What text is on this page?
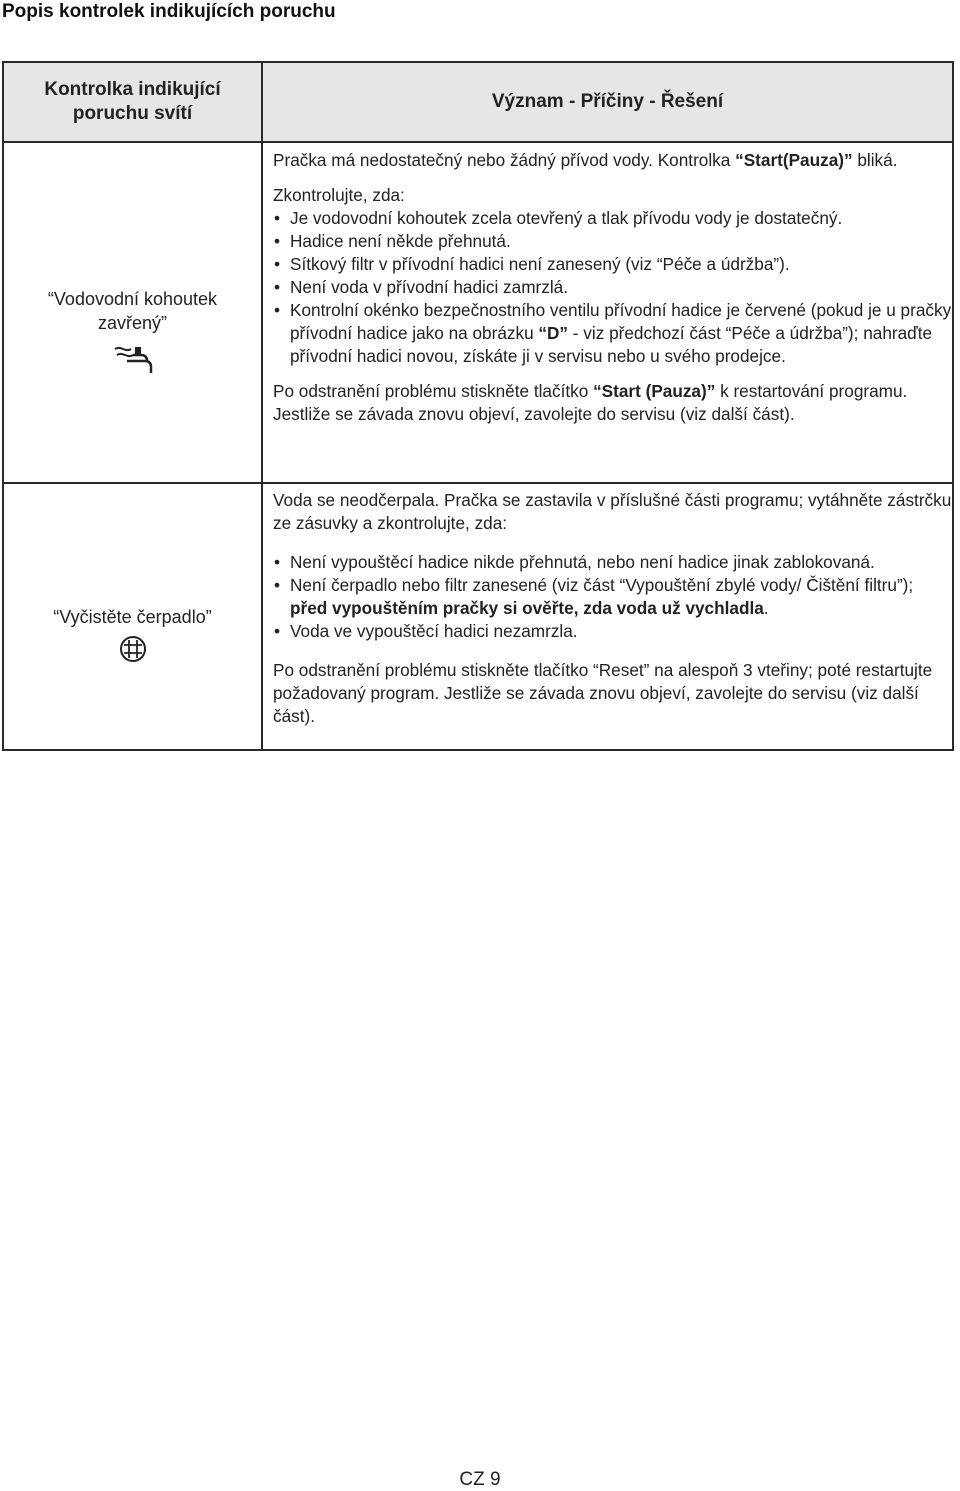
Popis kontrolek indikujících poruchu
Kontrolka indikující poruchu svítí
Význam - Příčiny - Řešení
“Vodovodní kohoutek zavřený”

Pračka má nedostatečný nebo žádný přívod vody. Kontrolka “Start(Pauza)” bliká.

Zkontrolujte, zda:

• Je vodovodní kohoutek zcela otevřený a tlak přívodu vody je dostatečný.
• Hadice není někde přehnutá.
• Sítkový filtr v přívodní hadici není zanesený (viz “Péče a údržba”).
• Není voda v přívodní hadici zamrzlá.
• Kontrolní okénko bezpečnostního ventilu přívodní hadice je červené (pokud je u pračky přívodní hadice jako na obrázku “D” - viz předchozí část “Péče a údržba”); nahraďte přívodní hadici novou, získáte ji v servisu nebo u svého prodejce.

Po odstranění problému stiskněte tlačítko “Start (Pauza)” k restartování programu. Jestliže se závada znovu objeví, zavolejte do servisu (viz další část).

“Vyčistěte čerpadlo”

Voda se neodčerpala. Pračka se zastavila v příslušné části programu; vytáhněte zástrčku ze zásuvky a zkontrolujte, zda:

• Není vypouštěcí hadice nikde přehnutá, nebo není hadice jinak zablokovaná.
• Není čerpadlo nebo filtr zanesené (viz část “Vypouštění zbylé vody/ Čištění filtru”); před vypouštěním pračky si ověřte, zda voda už vychladla.
• Voda ve vypouštěcí hadici nezamrzla.

Po odstranění problému stiskněte tlačítko “Reset” na alespoň 3 vteřiny; poté restartujte požadovaný program. Jestliže se závada znovu objeví, zavolejte do servisu (viz další část).

CZ 9
